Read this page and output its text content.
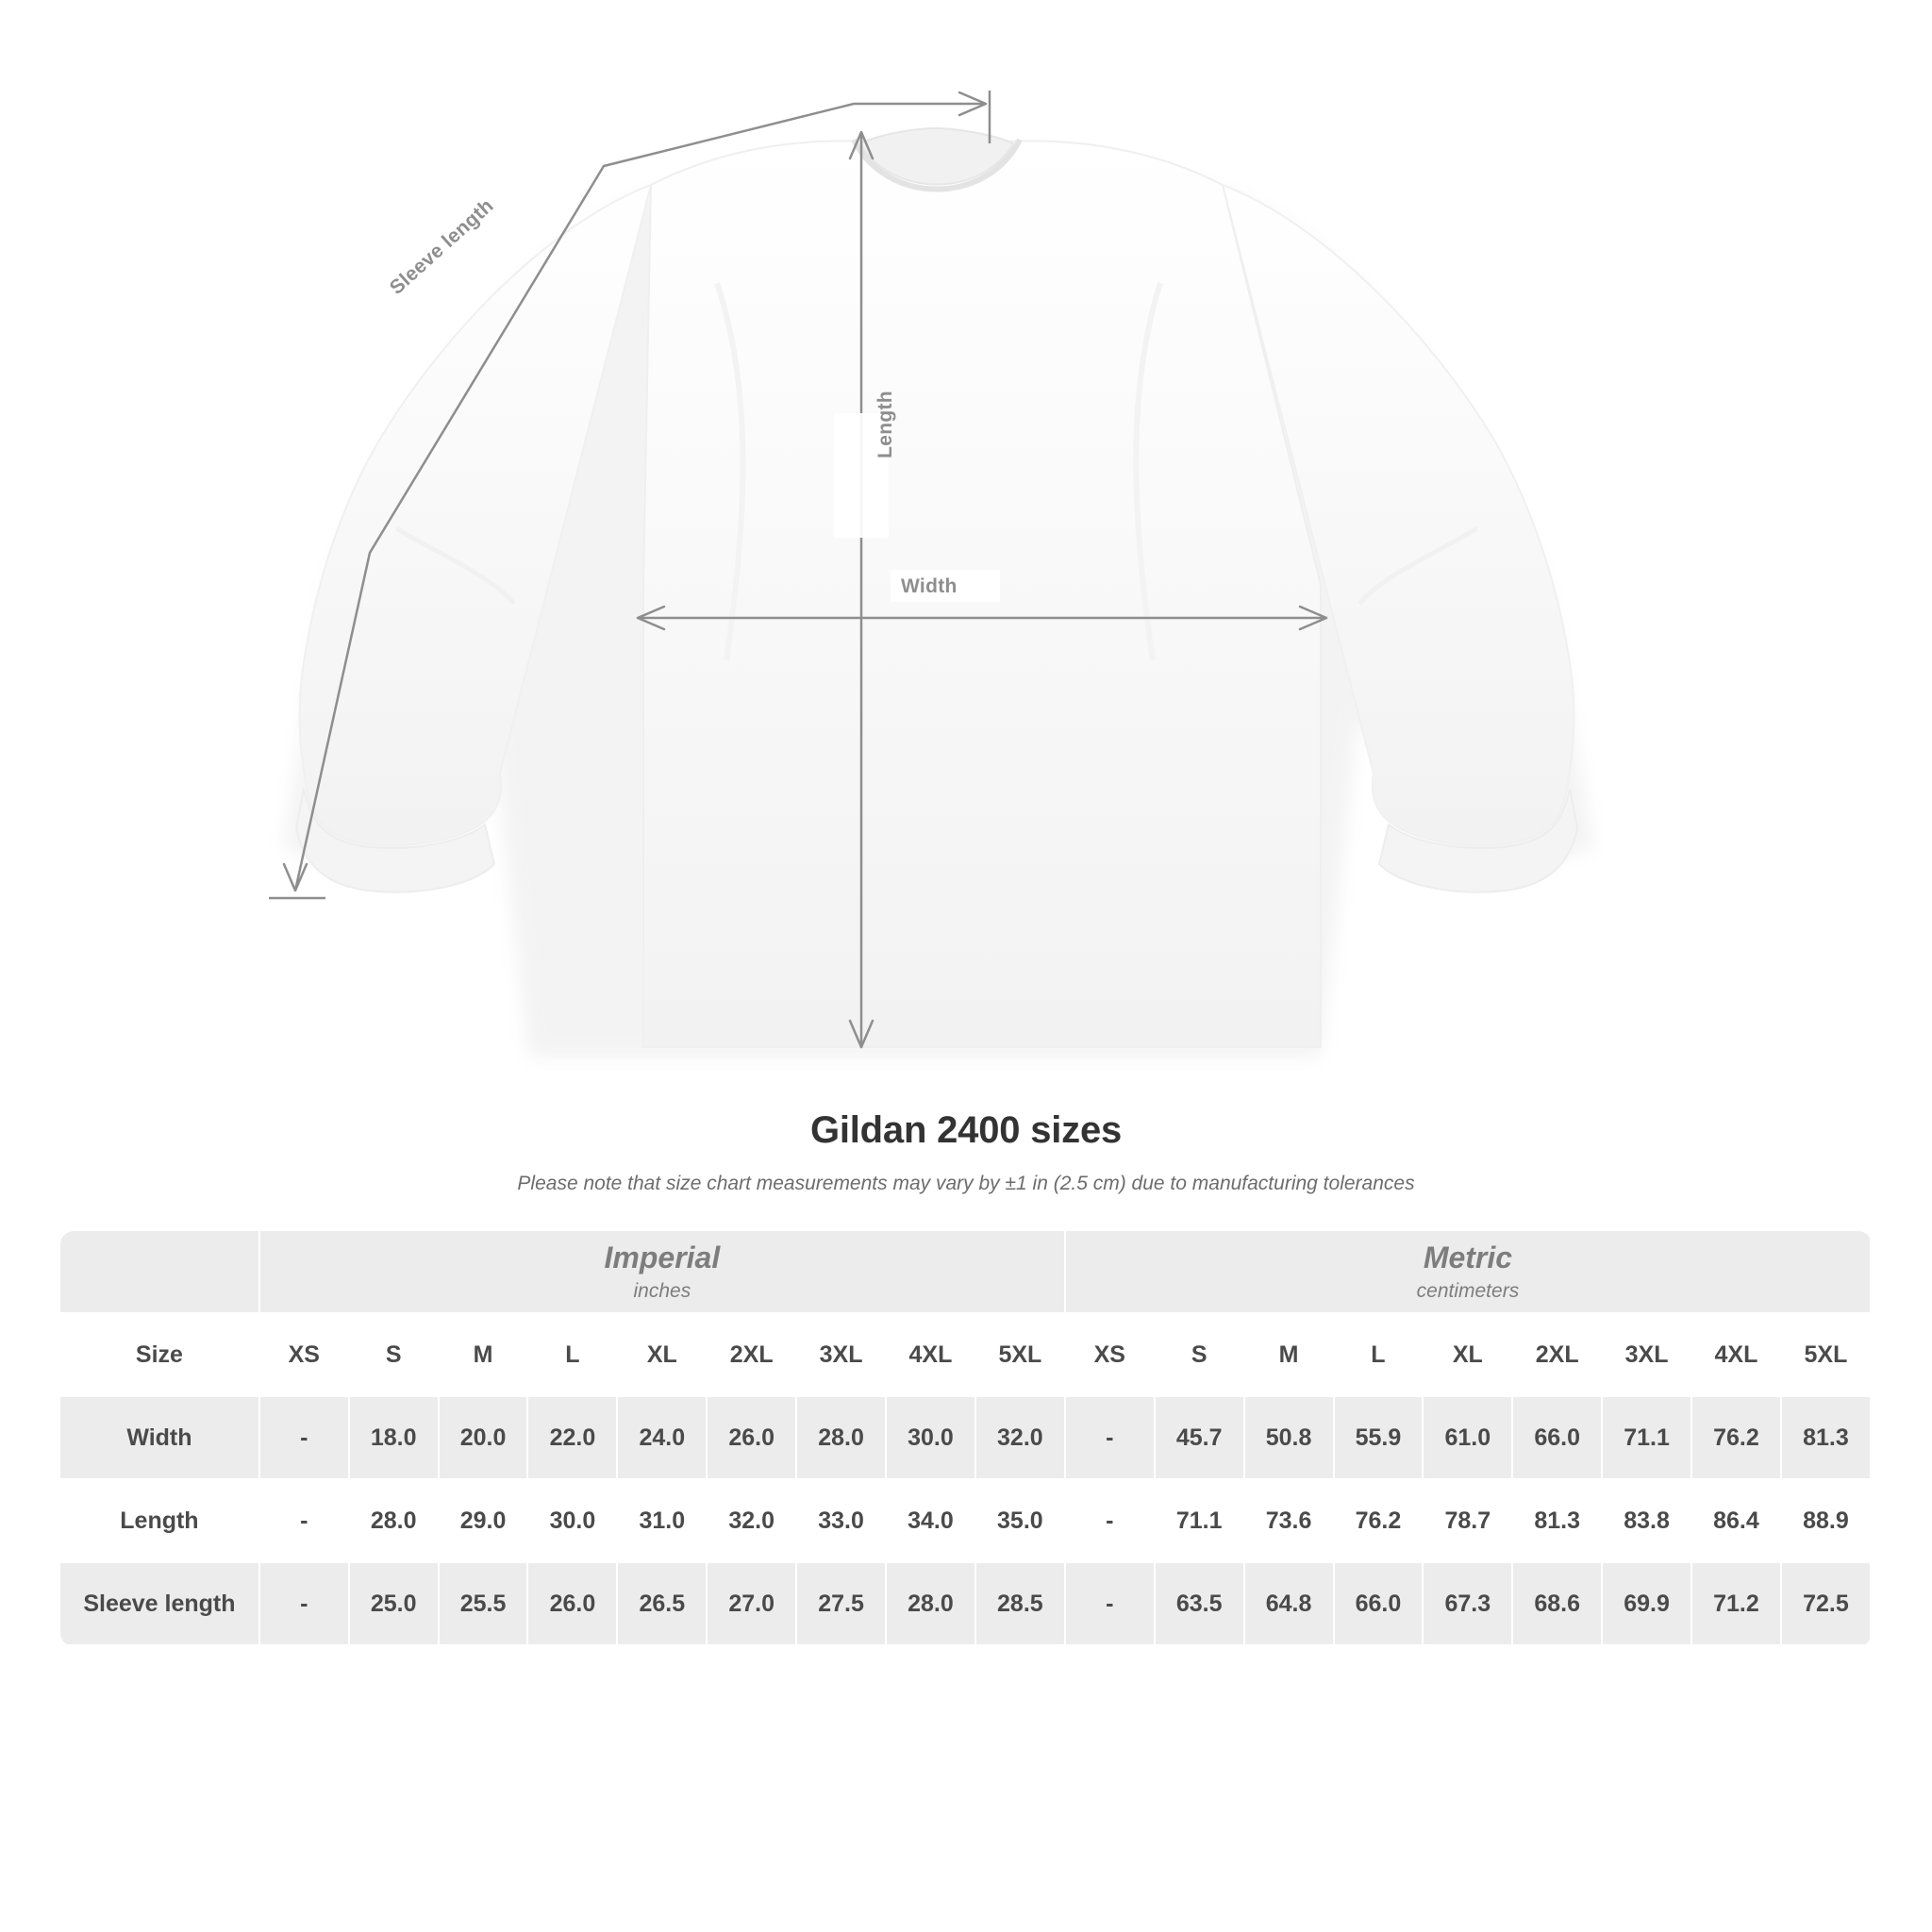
Length
Width
Sleeve length
Gildan 2400 sizes
Please note that size chart measurements may vary by ±1 in (2.5 cm) due to manufacturing tolerances

	Imperial
inches									Metric
centimeters								

Size	XS	S	M	L	XL	2XL	3XL	4XL	5XL	XS	S	M	L	XL	2XL	3XL	4XL	5XL
Width	-	18.0	20.0	22.0	24.0	26.0	28.0	30.0	32.0	-	45.7	50.8	55.9	61.0	66.0	71.1	76.2	81.3
Length	-	28.0	29.0	30.0	31.0	32.0	33.0	34.0	35.0	-	71.1	73.6	76.2	78.7	81.3	83.8	86.4	88.9
Sleeve length	-	25.0	25.5	26.0	26.5	27.0	27.5	28.0	28.5	-	63.5	64.8	66.0	67.3	68.6	69.9	71.2	72.5
